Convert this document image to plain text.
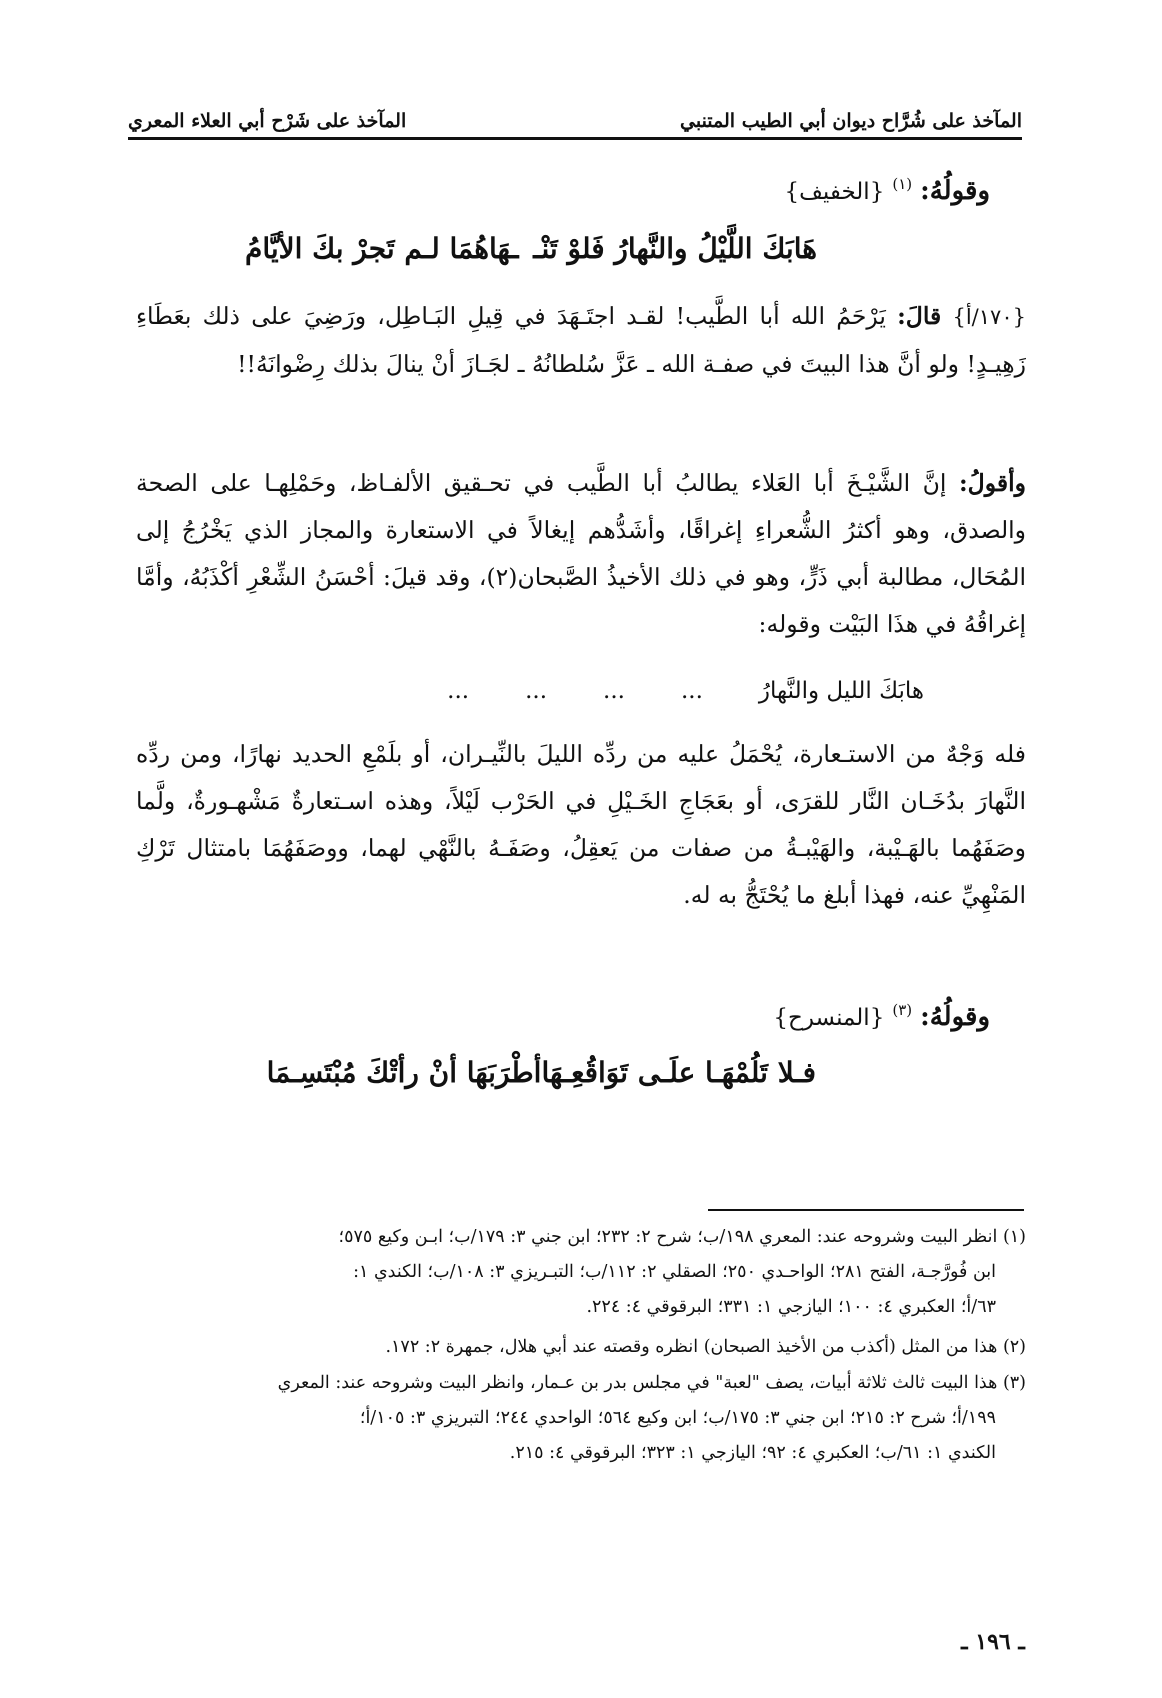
المآخذ على شُرَّاح ديوان أبي الطيب المتنبي
المآخذ على شَرْح أبي العلاء المعري
وقولُهُ:
(١)
{الخفيف}
هَابَكَ اللَّيْلُ والنَّهارُ فَلوْ تَنْـ
ـهَاهُمَا لـم تَجرْ بكَ الأيَّامُ
{١٧٠/أ} قالَ: يَرْحَمُ الله أبا الطَّيب! لقـد اجتَـهَدَ في قِيلِ البَـاطِل، ورَضِيَ على ذلك بعَطَاءِ زَهِيـدٍ! ولو أنَّ هذا البيتَ في صفـة الله ـ عَزَّ سُلطانُهُ ـ لجَـازَ أنْ ينالَ بذلك رِضْوانَهُ!!
وأقولُ: إنَّ الشَّيْـخَ أبا العَلاء يطالبُ أبا الطَّيب في تحـقيق الألفـاظ، وحَمْلِهـا على الصحة والصدق، وهو أكثرُ الشُّعراءِ إغراقًا، وأشَدُّهم إيغالاً في الاستعارة والمجاز الذي يَخْرُجُ إلى المُحَال، مطالبة أبي ذَرٍّ، وهو في ذلك الأخيذُ الصَّبحان(٢)، وقد قيلَ: أحْسَنُ الشِّعْرِ أكْذَبُهُ، وأمَّا إغراقُهُ في هذَا البَيْت وقوله:
هابَكَ الليل والنَّهارُ
...
...
...
...
فله وَجْهٌ من الاستـعارة، يُحْمَلُ عليه من ردِّه الليلَ بالنِّيـران، أو بلَمْعِ الحديد نهارًا، ومن ردِّه النَّهارَ بدُخَـان النَّار للقرَى، أو بعَجَاجِ الخَـيْلِ في الحَرْب لَيْلاً، وهذه اسـتعارةٌ مَشْهـورةٌ، ولَّما وصَفَهُما بالهَـيْبة، والهَيْبـةُ من صفات من يَعقِلُ، وصَفَـهُ بالنَّهْي لهما، ووصَفَهُمَا بامتثال تَرْكِ المَنْهِيِّ عنه، فهذا أبلغ ما يُحْتَجُّ به له.
وقولُهُ:
(٣)
{المنسرح}
فـلا تَلُمْهَـا علَـى تَوَاقُعِـهَا
أطْرَبَهَا أنْ رأتْكَ مُبْتَسِـمَا
(١) انظر البيت وشروحه عند: المعري ١٩٨/ب؛ شرح ٢: ٢٣٢؛ ابن جني ٣: ١٧٩/ب؛ ابـن وكيع ٥٧٥؛
ابن فُورَّجـة، الفتح ٢٨١؛ الواحـدي ٢٥٠؛ الصقلي ٢: ١١٢/ب؛ التبـريزي ٣: ١٠٨/ب؛ الكندي ١:
٦٣/أ؛ العكبري ٤: ١٠٠؛ اليازجي ١: ٣٣١؛ البرقوقي ٤: ٢٢٤.
(٢) هذا من المثل (أكذب من الأخيذ الصبحان) انظره وقصته عند أبي هلال، جمهرة ٢: ١٧٢.
(٣) هذا البيت ثالث ثلاثة أبيات، يصف "لعبة" في مجلس بدر بن عـمار، وانظر البيت وشروحه عند: المعري
١٩٩/أ؛ شرح ٢: ٢١٥؛ ابن جني ٣: ١٧٥/ب؛ ابن وكيع ٥٦٤؛ الواحدي ٢٤٤؛ التبريزي ٣: ١٠٥/أ؛
الكندي ١: ٦١/ب؛ العكبري ٤: ٩٢؛ اليازجي ١: ٣٢٣؛ البرقوقي ٤: ٢١٥.
ـ ١٩٦ ـ
